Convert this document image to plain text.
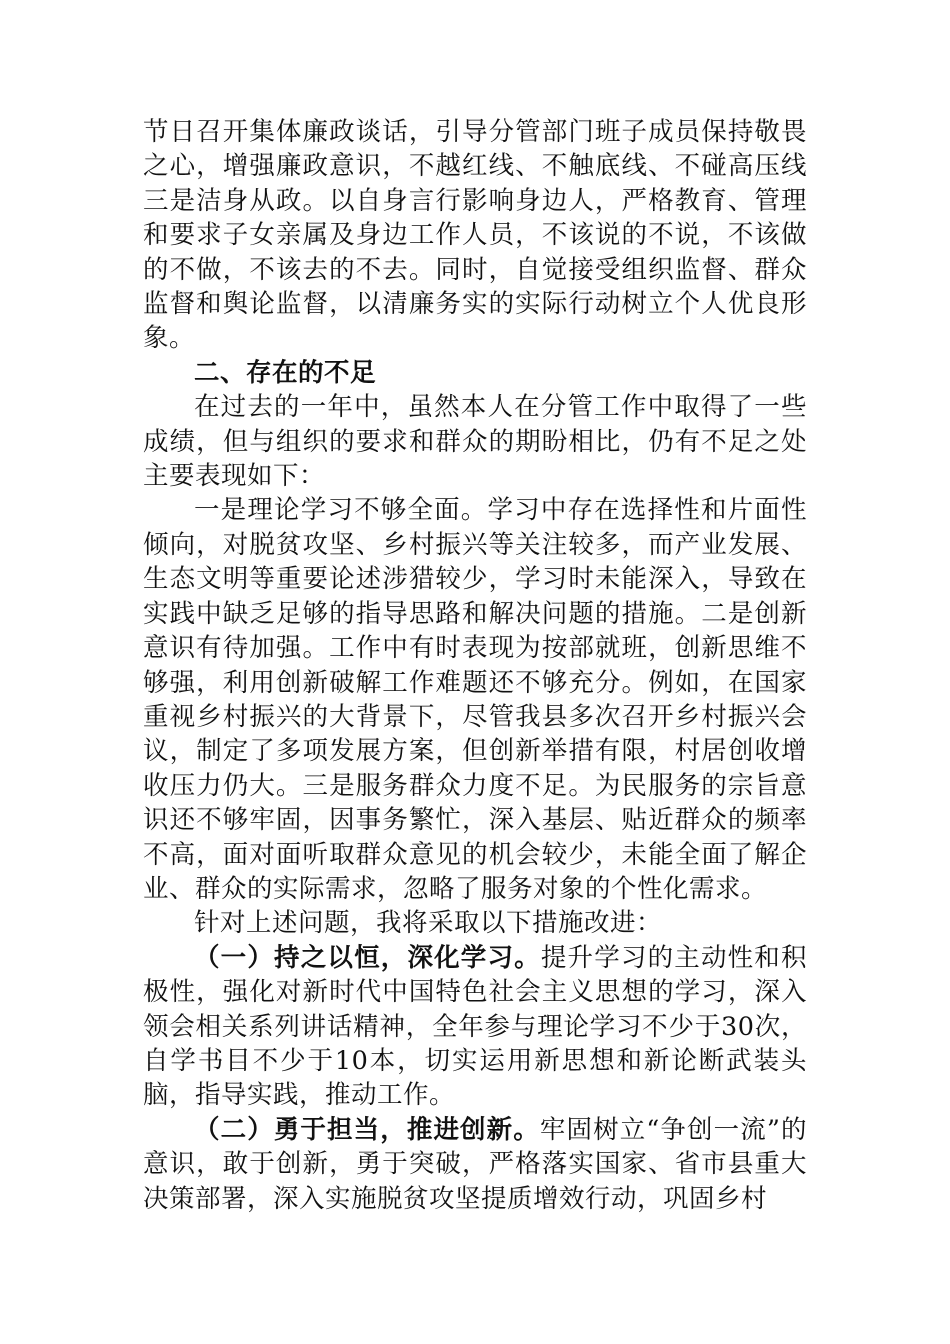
节日召开集体廉政谈话，引导分管部门班子成员保持敬畏之心，增强廉政意识，不越红线、不触底线、不碰高压线三是洁身从政。以自身言行影响身边人，严格教育、管理和要求子女亲属及身边工作人员，不该说的不说，不该做的不做，不该去的不去。同时，自觉接受组织监督、群众监督和舆论监督，以清廉务实的实际行动树立个人优良形象。

二、存在的不足

在过去的一年中，虽然本人在分管工作中取得了一些成绩，但与组织的要求和群众的期盼相比，仍有不足之处主要表现如下：

一是理论学习不够全面。学习中存在选择性和片面性倾向，对脱贫攻坚、乡村振兴等关注较多，而产业发展、生态文明等重要论述涉猎较少，学习时未能深入，导致在实践中缺乏足够的指导思路和解决问题的措施。二是创新意识有待加强。工作中有时表现为按部就班，创新思维不够强，利用创新破解工作难题还不够充分。例如，在国家重视乡村振兴的大背景下，尽管我县多次召开乡村振兴会议，制定了多项发展方案，但创新举措有限，村居创收增收压力仍大。三是服务群众力度不足。为民服务的宗旨意识还不够牢固，因事务繁忙，深入基层、贴近群众的频率不高，面对面听取群众意见的机会较少，未能全面了解企业、群众的实际需求，忽略了服务对象的个性化需求。

针对上述问题，我将采取以下措施改进：

（一）持之以恒，深化学习。提升学习的主动性和积极性，强化对新时代中国特色社会主义思想的学习，深入领会相关系列讲话精神，全年参与理论学习不少于30次，自学书目不少于10本，切实运用新思想和新论断武装头脑，指导实践，推动工作。

（二）勇于担当，推进创新。牢固树立“争创一流”的意识，敢于创新，勇于突破，严格落实国家、省市县重大决策部署，深入实施脱贫攻坚提质增效行动，巩固乡村
